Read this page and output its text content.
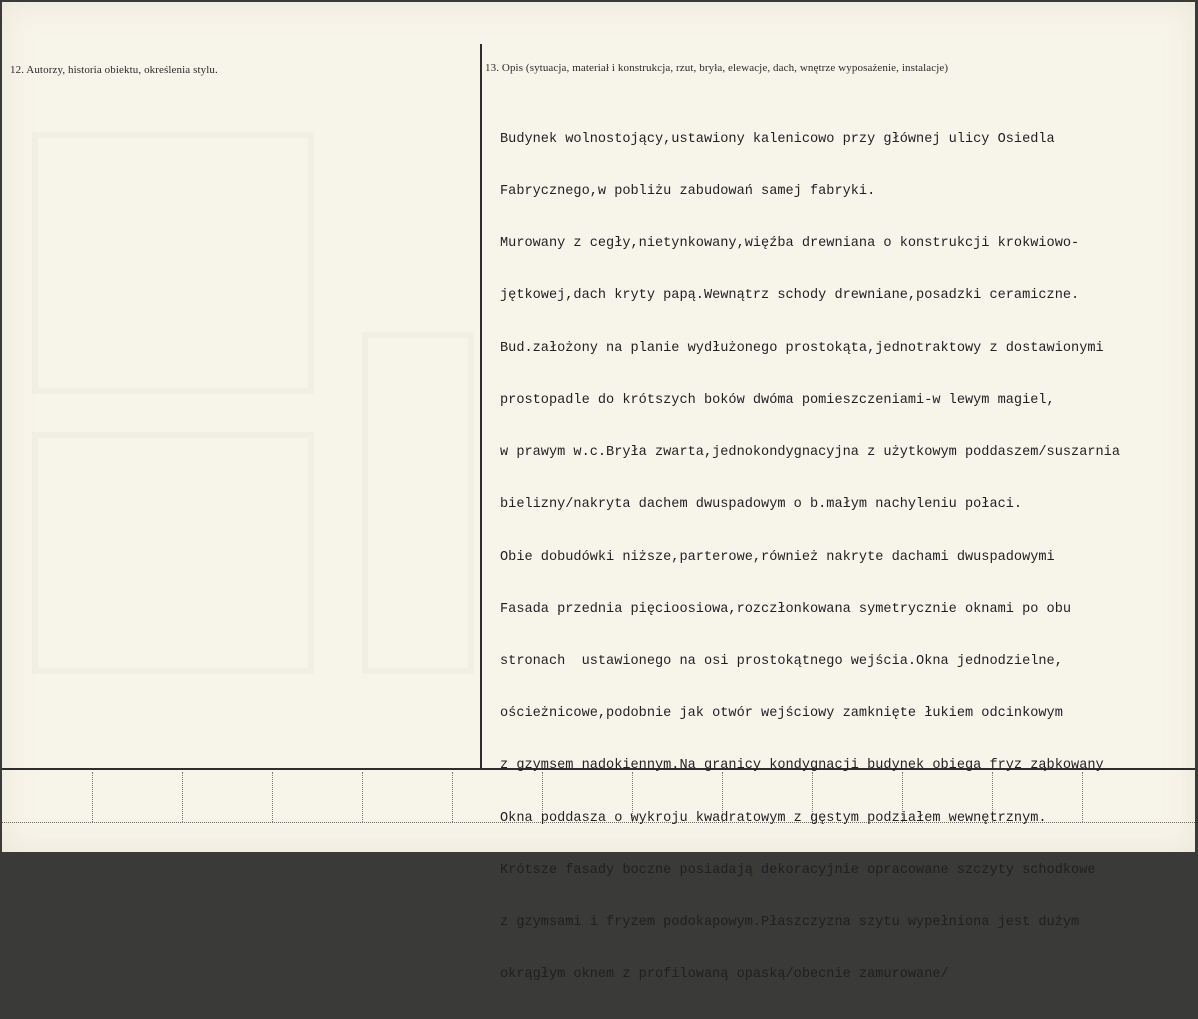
12. Autorzy, historia obiektu, określenia stylu.	13. Opis (sytuacja, materiał i konstrukcja, rzut, bryła, elewacje, dach, wnętrze wyposażenie, instalacje)

Budynek wolnostojący,ustawiony kalenicowo przy głównej ulicy Osiedla

Fabrycznego,w pobliżu zabudowań samej fabryki.

Murowany z cegły,nietynkowany,więźba drewniana o konstrukcji krokwiowo-

jętkowej,dach kryty papą.Wewnątrz schody drewniane,posadzki ceramiczne.

Bud.założony na planie wydłużonego prostokąta,jednotraktowy z dostawionymi

prostopadle do krótszych boków dwóma pomieszczeniami-w lewym magiel,

w prawym w.c.Bryła zwarta,jednokondygnacyjna z użytkowym poddaszem/suszarnia

bielizny/nakryta dachem dwuspadowym o b.małym nachyleniu połaci.

Obie dobudówki niższe,parterowe,również nakryte dachami dwuspadowymi

Fasada przednia pięcioosiowa,rozczłonkowana symetrycznie oknami po obu

stronach  ustawionego na osi prostokątnego wejścia.Okna jednodzielne,

ościeżnicowe,podobnie jak otwór wejściowy zamknięte łukiem odcinkowym

z gzymsem nadokiennym.Na granicy kondygnacji budynek obiega fryz ząbkowany

Okna poddasza o wykroju kwadratowym z gęstym podziałem wewnętrznym.

Krótsze fasady boczne posiadają dekoracyjnie opracowane szczyty schodkowe

z gzymsami i fryzem podokapowym.Płaszczyzna szytu wypełniona jest dużym

okrągłym oknem z profilowaną opaską/obecnie zamurowane/
